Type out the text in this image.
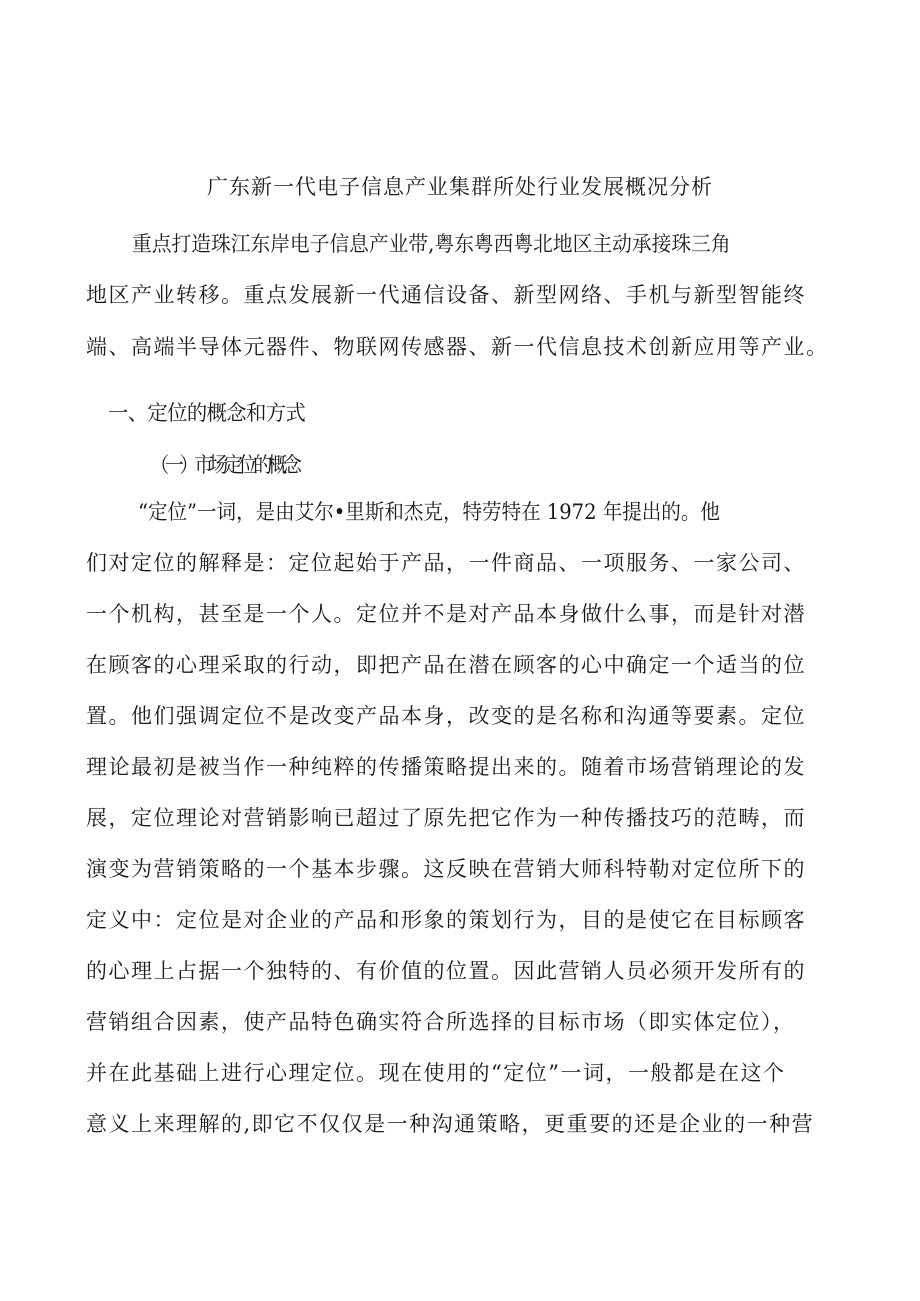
广东新一代电子信息产业集群所处行业发展概况分析
重点打造珠江东岸电子信息产业带,粤东粤西粤北地区主动承接珠三角
地区产业转移。重点发展新一代通信设备、新型网络、手机与新型智能终
端、高端半导体元器件、物联网传感器、新一代信息技术创新应用等产业。
一、定位的概念和方式
（一）市场定位的概念
“定位”一词，是由艾尔•里斯和杰克，特劳特在 1972 年提出的。他
们对定位的解释是：定位起始于产品，一件商品、一项服务、一家公司、
一个机构，甚至是一个人。定位并不是对产品本身做什么事，而是针对潜
在顾客的心理采取的行动，即把产品在潜在顾客的心中确定一个适当的位
置。他们强调定位不是改变产品本身，改变的是名称和沟通等要素。定位
理论最初是被当作一种纯粹的传播策略提出来的。随着市场营销理论的发
展，定位理论对营销影响已超过了原先把它作为一种传播技巧的范畴，而
演变为营销策略的一个基本步骤。这反映在营销大师科特勒对定位所下的
定义中：定位是对企业的产品和形象的策划行为，目的是使它在目标顾客
的心理上占据一个独特的、有价值的位置。因此营销人员必须开发所有的
营销组合因素，使产品特色确实符合所选择的目标市场（即实体定位），
并在此基础上进行心理定位。现在使用的“定位”一词，一般都是在这个
意义上来理解的,即它不仅仅是一种沟通策略，更重要的还是企业的一种营
